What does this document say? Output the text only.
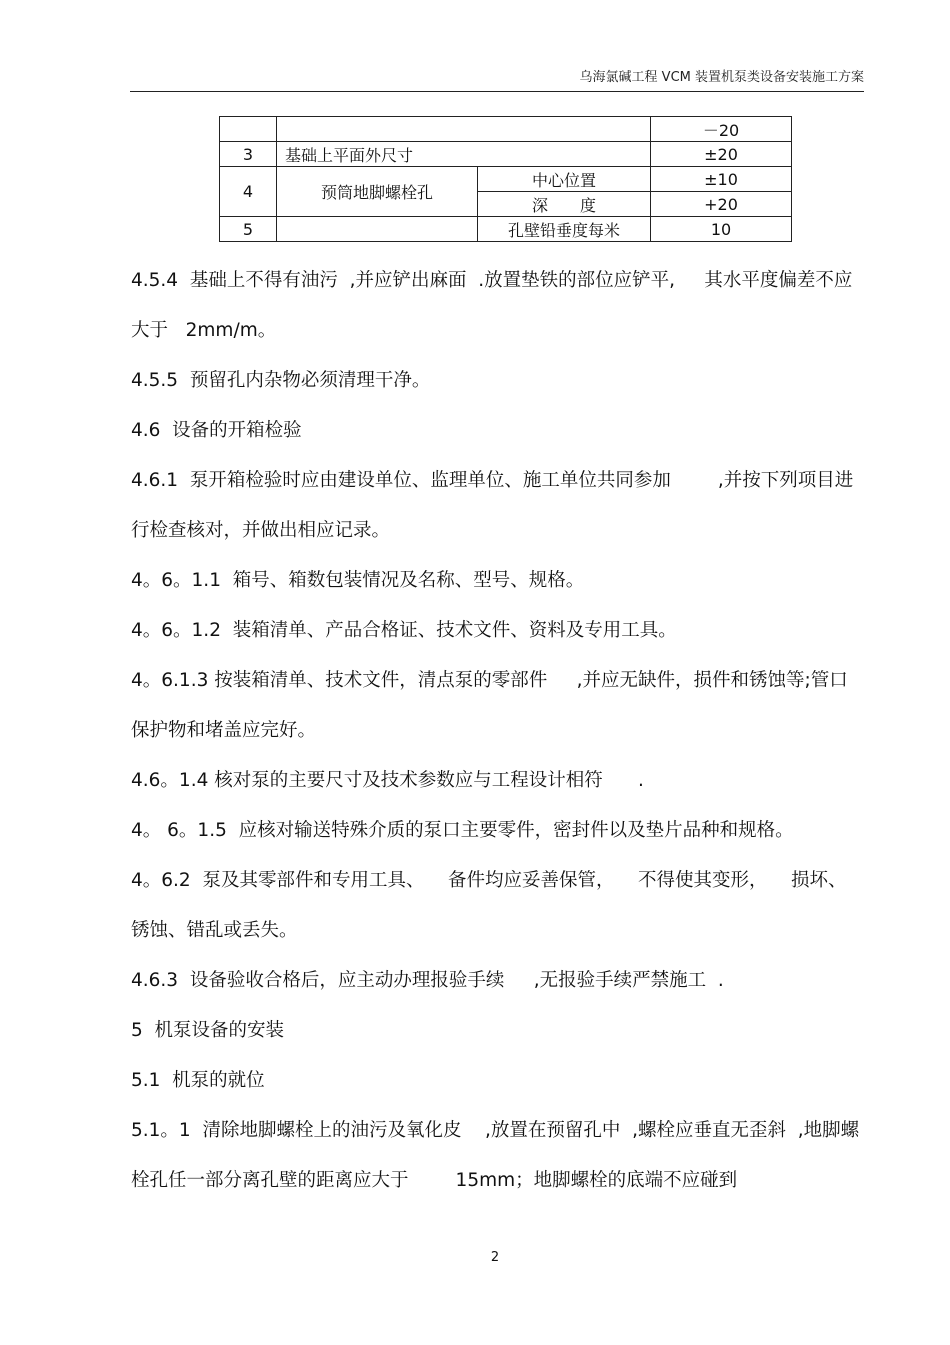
乌海氯碱工程 VCM 装置机泵类设备安装施工方案
			－20
3	基础上平面外尺寸		±20
4	预筒地脚螺栓孔	中心位置	±10
		深　　度	+20
5		孔壁铅垂度每米	10

4.5.4  基础上不得有油污  ,并应铲出麻面  .放置垫铁的部位应铲平,     其水平度偏差不应大于   2mm/m。

4.5.5  预留孔内杂物必须清理干净。

4.6  设备的开箱检验

4.6.1  泵开箱检验时应由建设单位、监理单位、施工单位共同参加        ,并按下列项目进行检查核对，并做出相应记录。

4。6。1.1  箱号、箱数包装情况及名称、型号、规格。

4。6。1.2  装箱清单、产品合格证、技术文件、资料及专用工具。

4。6.1.3 按装箱清单、技术文件，清点泵的零部件     ,并应无缺件，损件和锈蚀等;管口保护物和堵盖应完好。

4.6。1.4 核对泵的主要尺寸及技术参数应与工程设计相符      .

4。 6。1.5  应核对输送特殊介质的泵口主要零件，密封件以及垫片品种和规格。

4。6.2  泵及其零部件和专用工具、    备件均应妥善保管，    不得使其变形，    损坏、锈蚀、错乱或丢失。

4.6.3  设备验收合格后，应主动办理报验手续     ,无报验手续严禁施工  .

5  机泵设备的安装

5.1  机泵的就位

5.1。1  清除地脚螺栓上的油污及氧化皮    ,放置在预留孔中  ,螺栓应垂直无歪斜  ,地脚螺栓孔任一部分离孔壁的距离应大于        15mm；地脚螺栓的底端不应碰到

2
